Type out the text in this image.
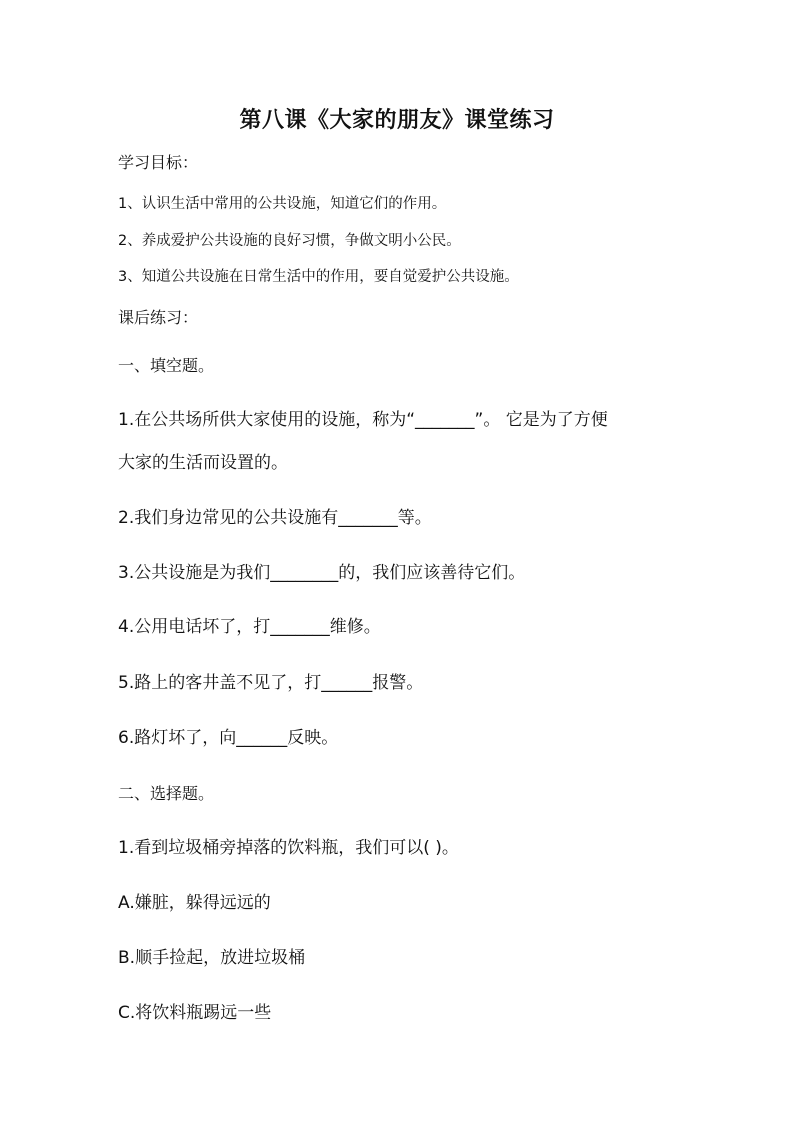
第八课《大家的朋友》课堂练习
学习目标：
1、认识生活中常用的公共设施，知道它们的作用。
2、养成爱护公共设施的良好习惯，争做文明小公民。
3、知道公共设施在日常生活中的作用，要自觉爱护公共设施。
课后练习：
一、填空题。
1.在公共场所供大家使用的设施，称为“_______”。 它是为了方便
大家的生活而设置的。
2.我们身边常见的公共设施有_______等。
3.公共设施是为我们________的，我们应该善待它们。
4.公用电话坏了，打_______维修。
5.路上的客井盖不见了，打______报警。
6.路灯坏了，向______反映。
二、选择题。
1.看到垃圾桶旁掉落的饮料瓶，我们可以( )。
A.嫌脏，躲得远远的
B.顺手捡起，放进垃圾桶
C.将饮料瓶踢远一些
